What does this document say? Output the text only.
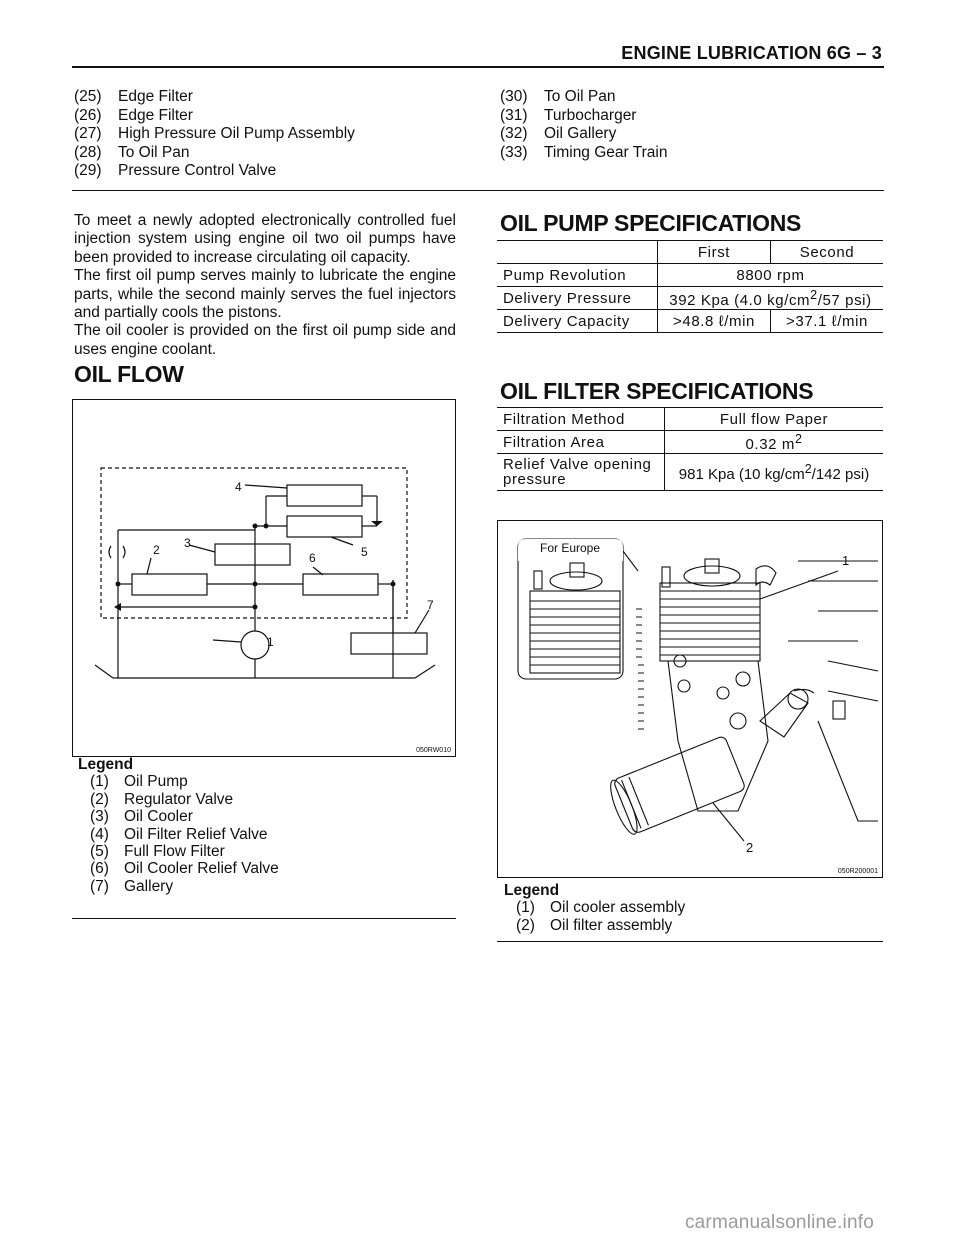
ENGINE LUBRICATION 6G – 3
(25)	Edge Filter
(26)	Edge Filter
(27)	High Pressure Oil Pump Assembly
(28)	To Oil Pan
(29)	Pressure Control Valve
(30)	To Oil Pan
(31)	Turbocharger
(32)	Oil Gallery
(33)	Timing Gear Train

To meet a newly adopted electronically controlled fuel injection system using engine oil two oil pumps have been provided to increase circulating oil capacity.

The first oil pump serves mainly to lubricate the engine parts, while the second mainly serves the fuel injectors and partially cools the pistons.

The oil cooler is provided on the first oil pump side and uses engine coolant.

OIL FLOW
1
2 3
4
5
6
7
050RW010
Legend
(1) Oil Pump
(2) Regulator Valve
(3) Oil Cooler
(4) Oil Filter Relief Valve
(5) Full Flow Filter
(6) Oil Cooler Relief Valve
(7) Gallery
OIL PUMP SPECIFICATIONS
	First	Second
Pump Revolution	8800 rpm	
Delivery Pressure	392 Kpa (4.0 $kg/cm^2/57$ psi)	
Delivery Capacity	>48.8 ℓ/min	>37.1 ℓ/min
OIL FILTER SPECIFICATIONS
Filtration Method	Full flow Paper
Filtration Area	0.32 $m^2$
Relief Valve opening
pressure	981 Kpa (10 $kg/cm^2/142$ psi)
For Europe
1
2
050R200001
Legend
(1) Oil cooler assembly
(2) Oil filter assembly
carmanualsonline.info
